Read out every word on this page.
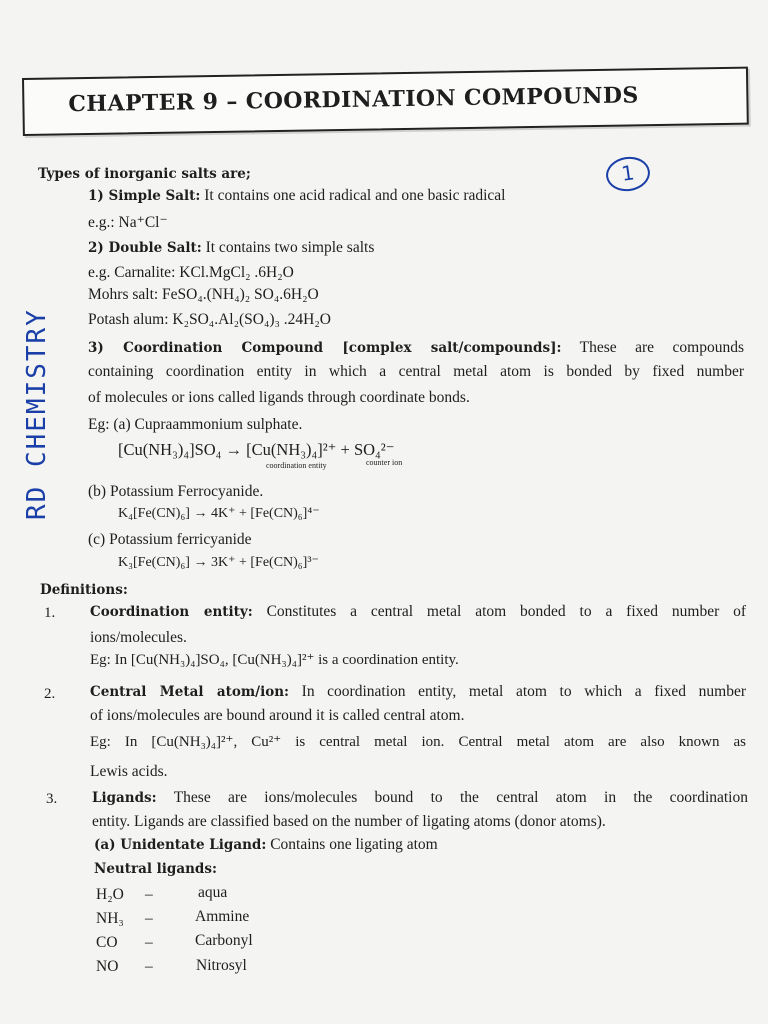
CHAPTER 9 – COORDINATION COMPOUNDS
1
RD CHEMISTRY
Types of inorganic salts are;
1) Simple Salt: It contains one acid radical and one basic radical
e.g.: Na⁺Cl⁻
2) Double Salt: It contains two simple salts
e.g. Carnalite: KCl.MgCl₂ .6H₂O
Mohrs salt: FeSO₄.(NH₄)₂ SO₄.6H₂O
Potash alum: K₂SO₄.Al₂(SO₄)₃ .24H₂O
3) Coordination Compound [complex salt/compounds]: These are compounds
containing coordination entity in which a central metal atom is bonded by fixed number
of molecules or ions called ligands through coordinate bonds.
Eg: (a) Cupraammonium sulphate.
[Cu(NH₃)₄]SO₄ → [Cu(NH₃)₄]²⁺ + SO₄²⁻
coordination entity	counter ion
(b) Potassium Ferrocyanide.
K₄[Fe(CN)₆] → 4K⁺ + [Fe(CN)₆]⁴⁻
(c) Potassium ferricyanide
K₃[Fe(CN)₆] → 3K⁺ + [Fe(CN)₆]³⁻
Definitions:
1.	Coordination entity: Constitutes a central metal atom bonded to a fixed number of
ions/molecules.
Eg: In [Cu(NH₃)₄]SO₄, [Cu(NH₃)₄]²⁺ is a coordination entity.
2.	Central Metal atom/ion: In coordination entity, metal atom to which a fixed number
of ions/molecules are bound around it is called central atom.
Eg: In [Cu(NH₃)₄]²⁺, Cu²⁺ is central metal ion. Central metal atom are also known as
Lewis acids.
3.	Ligands: These are ions/molecules bound to the central atom in the coordination
entity. Ligands are classified based on the number of ligating atoms (donor atoms).
(a) Unidentate Ligand: Contains one ligating atom
Neutral ligands:
H₂O –	aqua
NH₃ –	Ammine
CO –	Carbonyl
NO –	Nitrosyl
